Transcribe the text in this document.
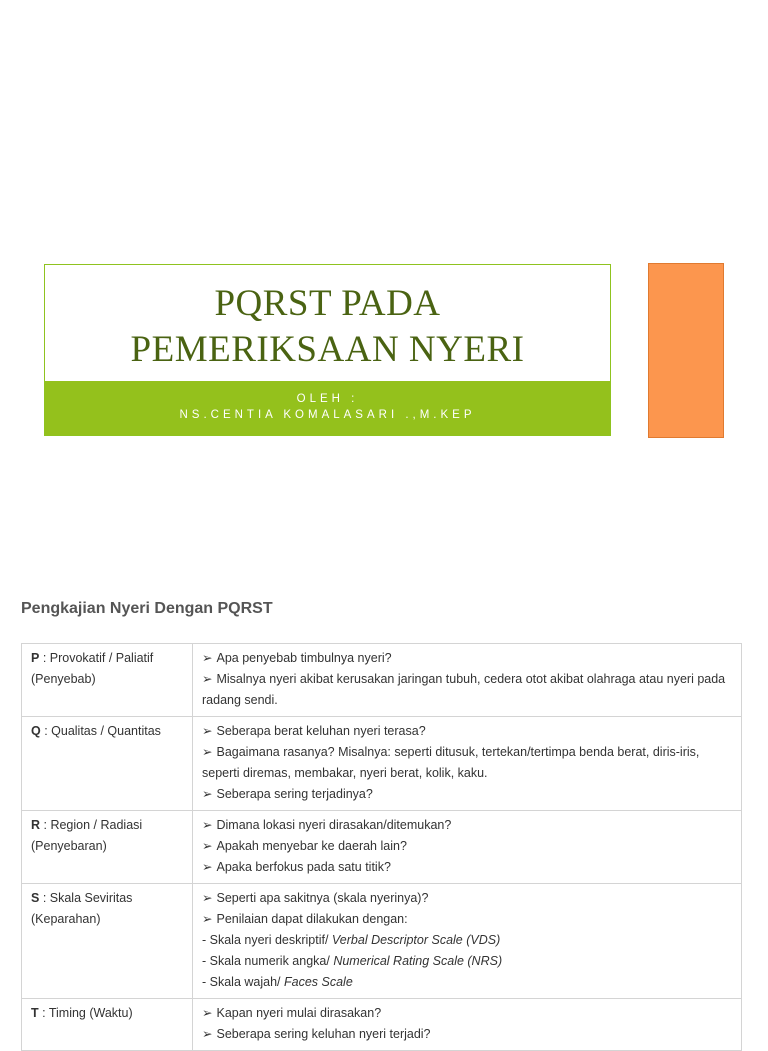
PQRST PADA
PEMERIKSAAN NYERI
OLEH :
NS.CENTIA KOMALASARI .,M.KEP
Pengkajian Nyeri Dengan PQRST
P : Provokatif / Paliatif
(Penyebab)	➢ Apa penyebab timbulnya nyeri?
➢ Misalnya nyeri akibat kerusakan jaringan tubuh, cedera otot akibat olahraga atau nyeri pada radang sendi.

Q : Qualitas / Quantitas	➢ Seberapa berat keluhan nyeri terasa?
➢ Bagaimana rasanya? Misalnya: seperti ditusuk, tertekan/tertimpa benda berat, diris-iris, seperti diremas, membakar, nyeri berat, kolik, kaku.
➢ Seberapa sering terjadinya?

R : Region / Radiasi
(Penyebaran)	➢ Dimana lokasi nyeri dirasakan/ditemukan?
➢ Apakah menyebar ke daerah lain?
➢ Apaka berfokus pada satu titik?

S : Skala Seviritas
(Keparahan)	➢ Seperti apa sakitnya (skala nyerinya)?
➢ Penilaian dapat dilakukan dengan:
- Skala nyeri deskriptif/ Verbal Descriptor Scale (VDS)
- Skala numerik angka/ Numerical Rating Scale (NRS)
- Skala wajah/ Faces Scale

T : Timing (Waktu)	➢ Kapan nyeri mulai dirasakan?
➢ Seberapa sering keluhan nyeri terjadi?
